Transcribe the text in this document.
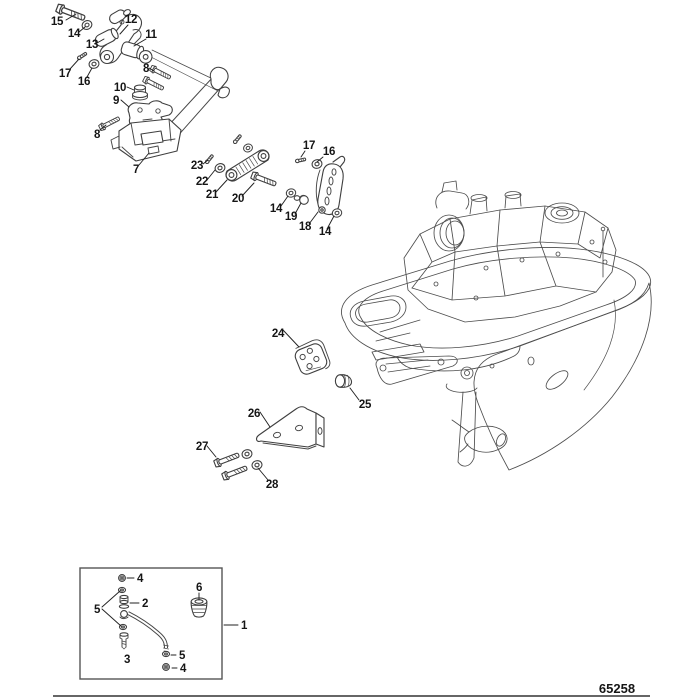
15
14
12
13
11
17
16
8
10
9
8
7	23
22
21 20
14
19
18
17 16
14
24
25
26
27
28
4
2
5
3	5
4
6
1
65258
